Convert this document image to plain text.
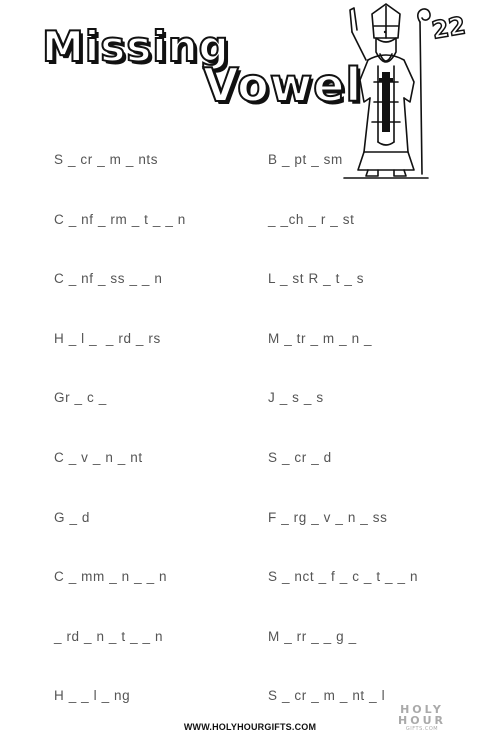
Missing
Vowel
22
S _ cr _ m _ nts
C _ nf _ rm _ t _ _ n
C _ nf _ ss _ _ n
H _ l _  _ rd _ rs
Gr _ c _
C _ v _ n _ nt
G _ d
C _ mm _ n _ _ n
_ rd _ n _ t _ _ n
H _ _ l _ ng
B _ pt _ sm
_ _ch _ r _ st
L _ st R _ t _ s
M _ tr _ m _ n _
J _ s _ s
S _ cr _ d
F _ rg _ v _ n _ ss
S _ nct _ f _ c _ t _ _ n
M _ rr _ _ g _
S _ cr _ m _ nt _ l
WWW.HOLYHOURGIFTS.COM
HOLY
HOUR
GIFTS.COM
